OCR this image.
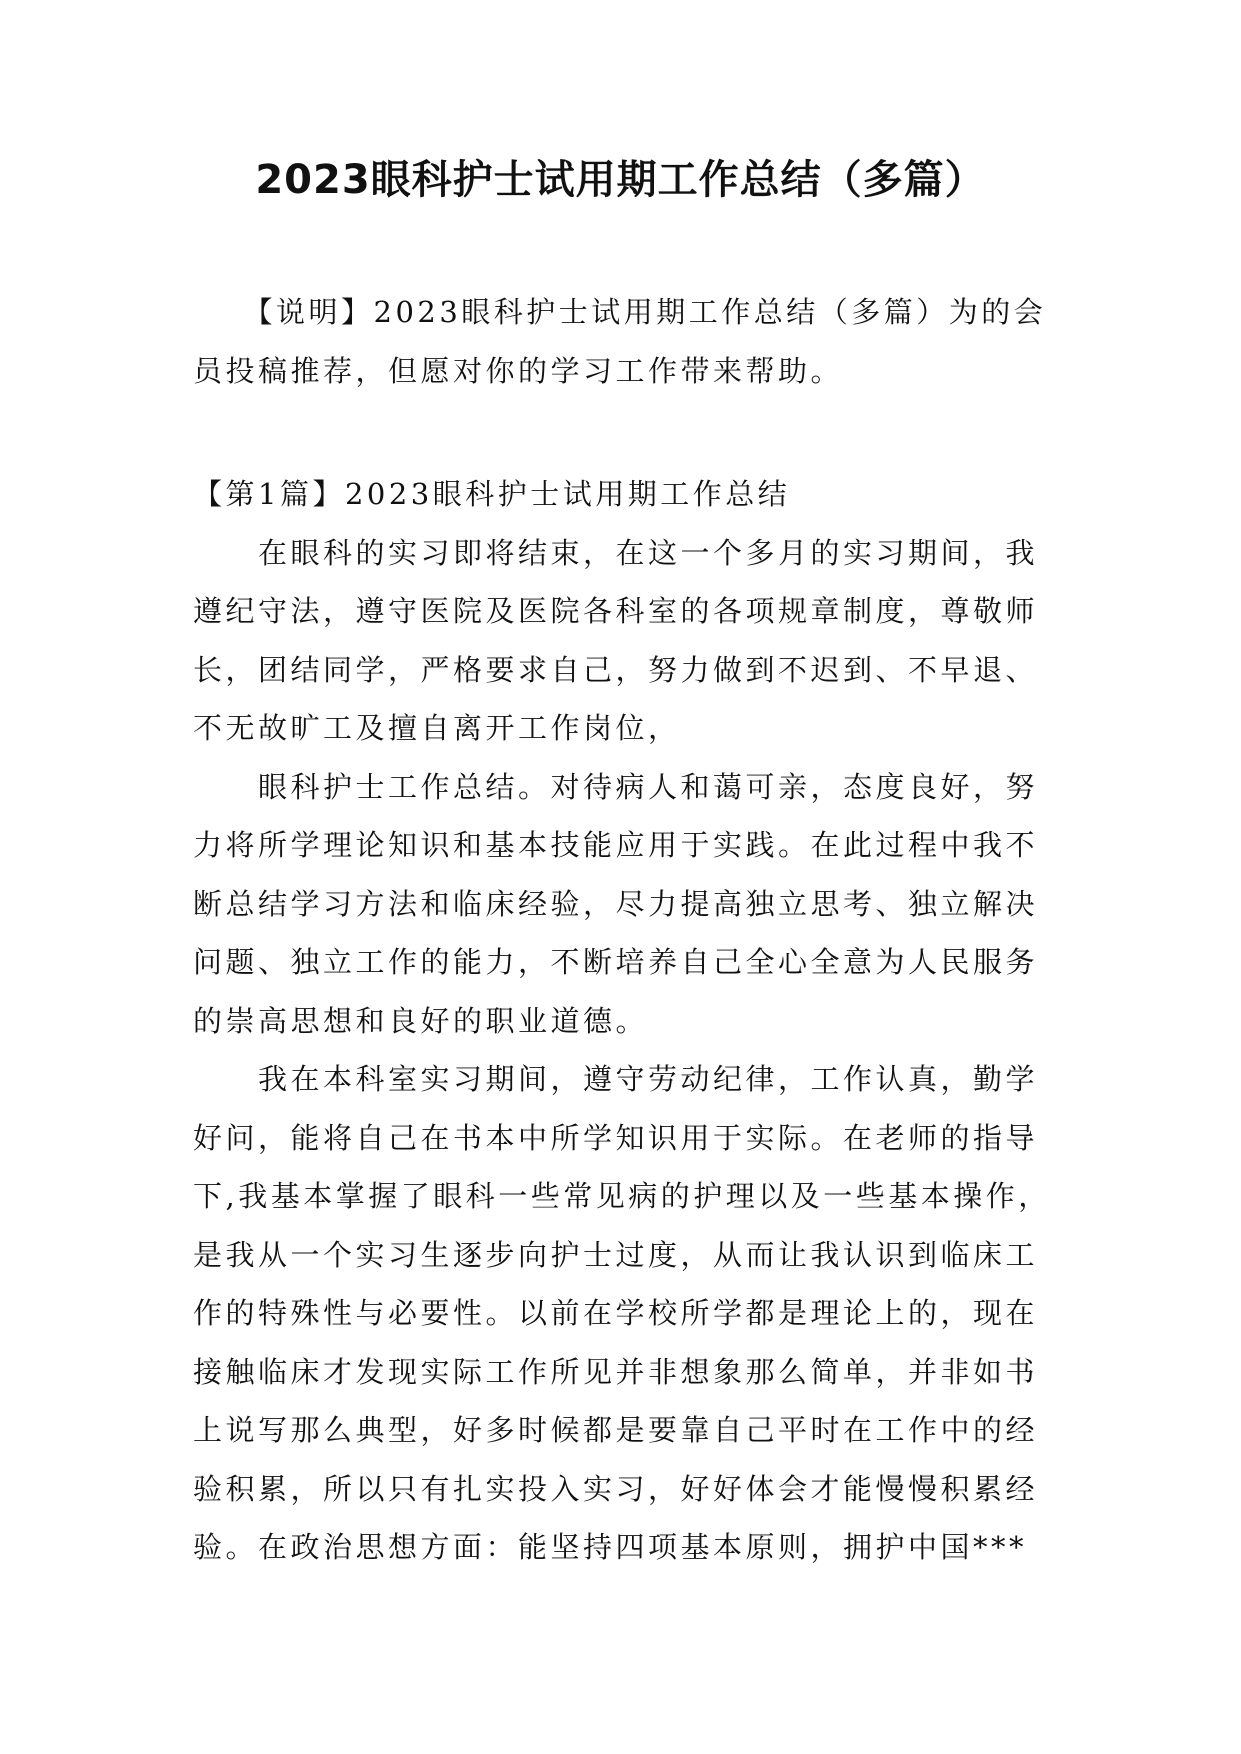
2023眼科护士试用期工作总结（多篇）
　　【说明】2023眼科护士试用期工作总结（多篇）为的会
员投稿推荐，但愿对你的学习工作带来帮助。
【第1篇】2023眼科护士试用期工作总结
　　在眼科的实习即将结束，在这一个多月的实习期间，我
遵纪守法，遵守医院及医院各科室的各项规章制度，尊敬师
长，团结同学，严格要求自己，努力做到不迟到、不早退、
不无故旷工及擅自离开工作岗位，
　　眼科护士工作总结。对待病人和蔼可亲，态度良好，努
力将所学理论知识和基本技能应用于实践。在此过程中我不
断总结学习方法和临床经验，尽力提高独立思考、独立解决
问题、独立工作的能力，不断培养自己全心全意为人民服务
的崇高思想和良好的职业道德。
　　我在本科室实习期间，遵守劳动纪律，工作认真，勤学
好问，能将自己在书本中所学知识用于实际。在老师的指导
下,我基本掌握了眼科一些常见病的护理以及一些基本操作，
是我从一个实习生逐步向护士过度，从而让我认识到临床工
作的特殊性与必要性。以前在学校所学都是理论上的，现在
接触临床才发现实际工作所见并非想象那么简单，并非如书
上说写那么典型，好多时候都是要靠自己平时在工作中的经
验积累，所以只有扎实投入实习，好好体会才能慢慢积累经
验。在政治思想方面：能坚持四项基本原则，拥护中国***
